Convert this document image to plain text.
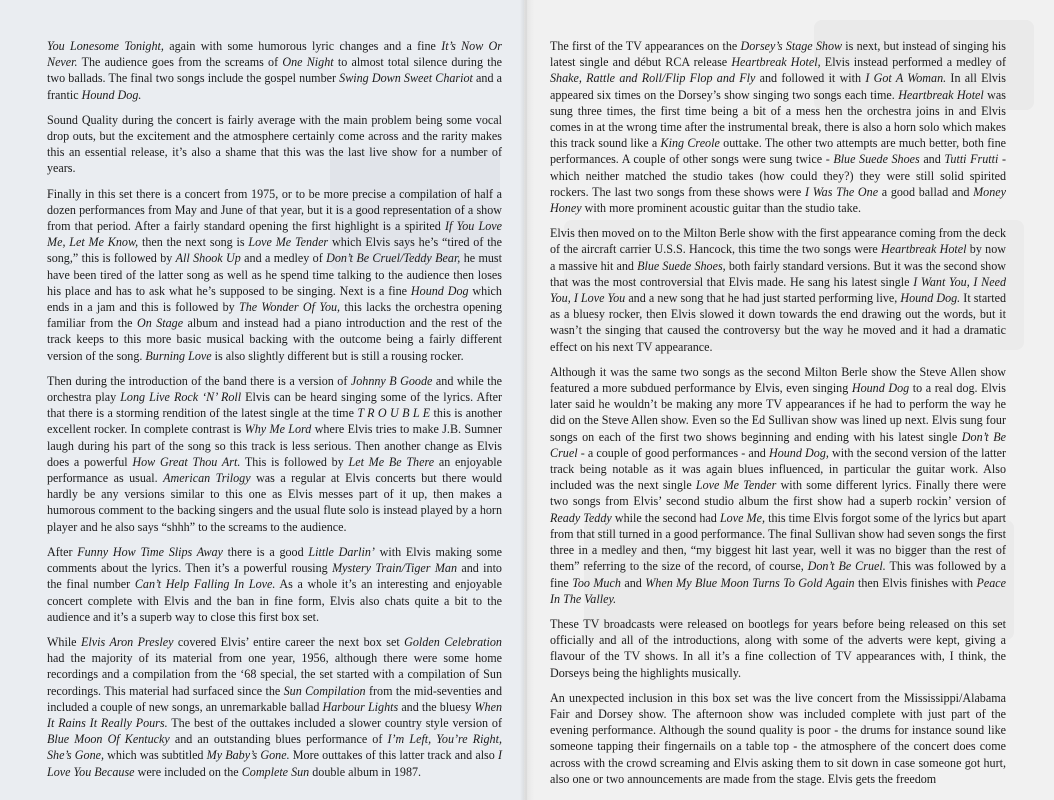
You Lonesome Tonight, again with some humorous lyric changes and a fine It’s Now Or Never. The audience goes from the screams of One Night to almost total silence during the two ballads. The final two songs include the gospel number Swing Down Sweet Chariot and a frantic Hound Dog.

Sound Quality during the concert is fairly average with the main problem being some vocal drop outs, but the excitement and the atmosphere certainly come across and the rarity makes this an essential release, it’s also a shame that this was the last live show for a number of years.

Finally in this set there is a concert from 1975, or to be more precise a compilation of half a dozen performances from May and June of that year, but it is a good representation of a show from that period. After a fairly standard opening the first highlight is a spirited If You Love Me, Let Me Know, then the next song is Love Me Tender which Elvis says he’s “tired of the song,” this is followed by All Shook Up and a medley of Don’t Be Cruel/Teddy Bear, he must have been tired of the latter song as well as he spend time talking to the audience then loses his place and has to ask what he’s supposed to be singing. Next is a fine Hound Dog which ends in a jam and this is followed by The Wonder Of You, this lacks the orchestra opening familiar from the On Stage album and instead had a piano introduction and the rest of the track keeps to this more basic musical backing with the outcome being a fairly different version of the song. Burning Love is also slightly different but is still a rousing rocker.

Then during the introduction of the band there is a version of Johnny B Goode and while the orchestra play Long Live Rock ‘N’ Roll Elvis can be heard singing some of the lyrics. After that there is a storming rendition of the latest single at the time T R O U B L E this is another excellent rocker. In complete contrast is Why Me Lord where Elvis tries to make J.B. Sumner laugh during his part of the song so this track is less serious. Then another change as Elvis does a powerful How Great Thou Art. This is followed by Let Me Be There an enjoyable performance as usual. American Trilogy was a regular at Elvis concerts but there would hardly be any versions similar to this one as Elvis messes part of it up, then makes a humorous comment to the backing singers and the usual flute solo is instead played by a horn player and he also says “shhh” to the screams to the audience.

After Funny How Time Slips Away there is a good Little Darlin’ with Elvis making some comments about the lyrics. Then it’s a powerful rousing Mystery Train/Tiger Man and into the final number Can’t Help Falling In Love. As a whole it’s an interesting and enjoyable concert complete with Elvis and the ban in fine form, Elvis also chats quite a bit to the audience and it’s a superb way to close this first box set.

While Elvis Aron Presley covered Elvis’ entire career the next box set Golden Celebration had the majority of its material from one year, 1956, although there were some home recordings and a compilation from the ‘68 special, the set started with a compilation of Sun recordings. This material had surfaced since the Sun Compilation from the mid-seventies and included a couple of new songs, an unremarkable ballad Harbour Lights and the bluesy When It Rains It Really Pours. The best of the outtakes included a slower country style version of Blue Moon Of Kentucky and an outstanding blues performance of I’m Left, You’re Right, She’s Gone, which was subtitled My Baby’s Gone. More outtakes of this latter track and also I Love You Because were included on the Complete Sun double album in 1987.

The first of the TV appearances on the Dorsey’s Stage Show is next, but instead of singing his latest single and début RCA release Heartbreak Hotel, Elvis instead performed a medley of Shake, Rattle and Roll/Flip Flop and Fly and followed it with I Got A Woman. In all Elvis appeared six times on the Dorsey’s show singing two songs each time. Heartbreak Hotel was sung three times, the first time being a bit of a mess hen the orchestra joins in and Elvis comes in at the wrong time after the instrumental break, there is also a horn solo which makes this track sound like a King Creole outtake. The other two attempts are much better, both fine performances. A couple of other songs were sung twice - Blue Suede Shoes and Tutti Frutti - which neither matched the studio takes (how could they?) they were still solid spirited rockers. The last two songs from these shows were I Was The One a good ballad and Money Honey with more prominent acoustic guitar than the studio take.

Elvis then moved on to the Milton Berle show with the first appearance coming from the deck of the aircraft carrier U.S.S. Hancock, this time the two songs were Heartbreak Hotel by now a massive hit and Blue Suede Shoes, both fairly standard versions. But it was the second show that was the most controversial that Elvis made. He sang his latest single I Want You, I Need You, I Love You and a new song that he had just started performing live, Hound Dog. It started as a bluesy rocker, then Elvis slowed it down towards the end drawing out the words, but it wasn’t the singing that caused the controversy but the way he moved and it had a dramatic effect on his next TV appearance.

Although it was the same two songs as the second Milton Berle show the Steve Allen show featured a more subdued performance by Elvis, even singing Hound Dog to a real dog. Elvis later said he wouldn’t be making any more TV appearances if he had to perform the way he did on the Steve Allen show. Even so the Ed Sullivan show was lined up next. Elvis sung four songs on each of the first two shows beginning and ending with his latest single Don’t Be Cruel - a couple of good performances - and Hound Dog, with the second version of the latter track being notable as it was again blues influenced, in particular the guitar work. Also included was the next single Love Me Tender with some different lyrics. Finally there were two songs from Elvis’ second studio album the first show had a superb rockin’ version of Ready Teddy while the second had Love Me, this time Elvis forgot some of the lyrics but apart from that still turned in a good performance. The final Sullivan show had seven songs the first three in a medley and then, “my biggest hit last year, well it was no bigger than the rest of them” referring to the size of the record, of course, Don’t Be Cruel. This was followed by a fine Too Much and When My Blue Moon Turns To Gold Again then Elvis finishes with Peace In The Valley.

These TV broadcasts were released on bootlegs for years before being released on this set officially and all of the introductions, along with some of the adverts were kept, giving a flavour of the TV shows. In all it’s a fine collection of TV appearances with, I think, the Dorseys being the highlights musically.

An unexpected inclusion in this box set was the live concert from the Mississippi/Alabama Fair and Dorsey show. The afternoon show was included complete with just part of the evening performance. Although the sound quality is poor - the drums for instance sound like someone tapping their fingernails on a table top - the atmosphere of the concert does come across with the crowd screaming and Elvis asking them to sit down in case someone got hurt, also one or two announcements are made from the stage. Elvis gets the freedom
